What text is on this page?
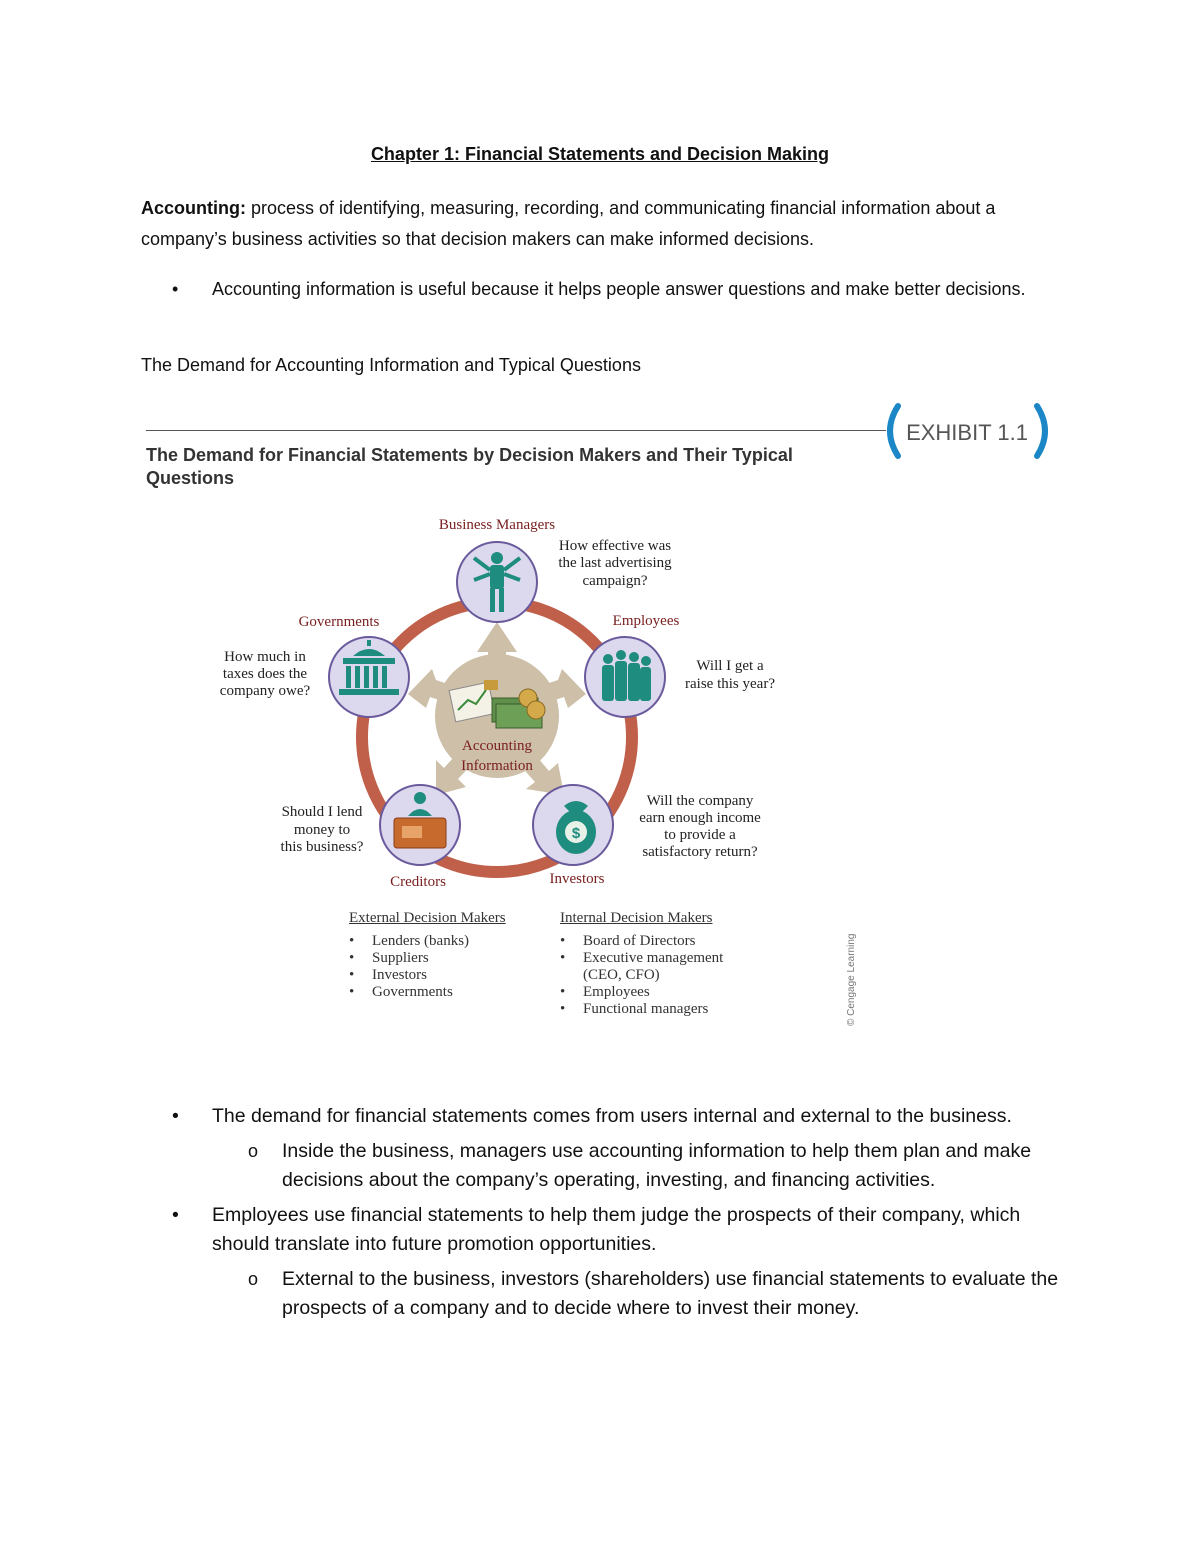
Chapter 1: Financial Statements and Decision Making
Accounting: process of identifying, measuring, recording, and communicating financial information about a company’s business activities so that decision makers can make informed decisions.
• Accounting information is useful because it helps people answer questions and make better decisions.
The Demand for Accounting Information and Typical Questions
EXHIBIT 1.1
The Demand for Financial Statements by Decision Makers and Their Typical Questions
Accounting
Information
Business Managers
How effective was
the last advertising
campaign?
Employees
Will I get a
raise this year?
$
Investors
Will the company
earn enough income
to provide a
satisfactory return?
Creditors
Should I lend
money to
this business?
Governments
How much in
taxes does the
company owe?
External Decision Makers
• Lenders (banks)
• Suppliers
• Investors
• Governments
Internal Decision Makers
• Board of Directors
• Executive management (CEO, CFO)
• Employees
• Functional managers	© Cengage Learning
• The demand for financial statements comes from users internal and external to the business.
o Inside the business, managers use accounting information to help them plan and make decisions about the company’s operating, investing, and financing activities.
• Employees use financial statements to help them judge the prospects of their company, which should translate into future promotion opportunities.
o External to the business, investors (shareholders) use financial statements to evaluate the prospects of a company and to decide where to invest their money.
